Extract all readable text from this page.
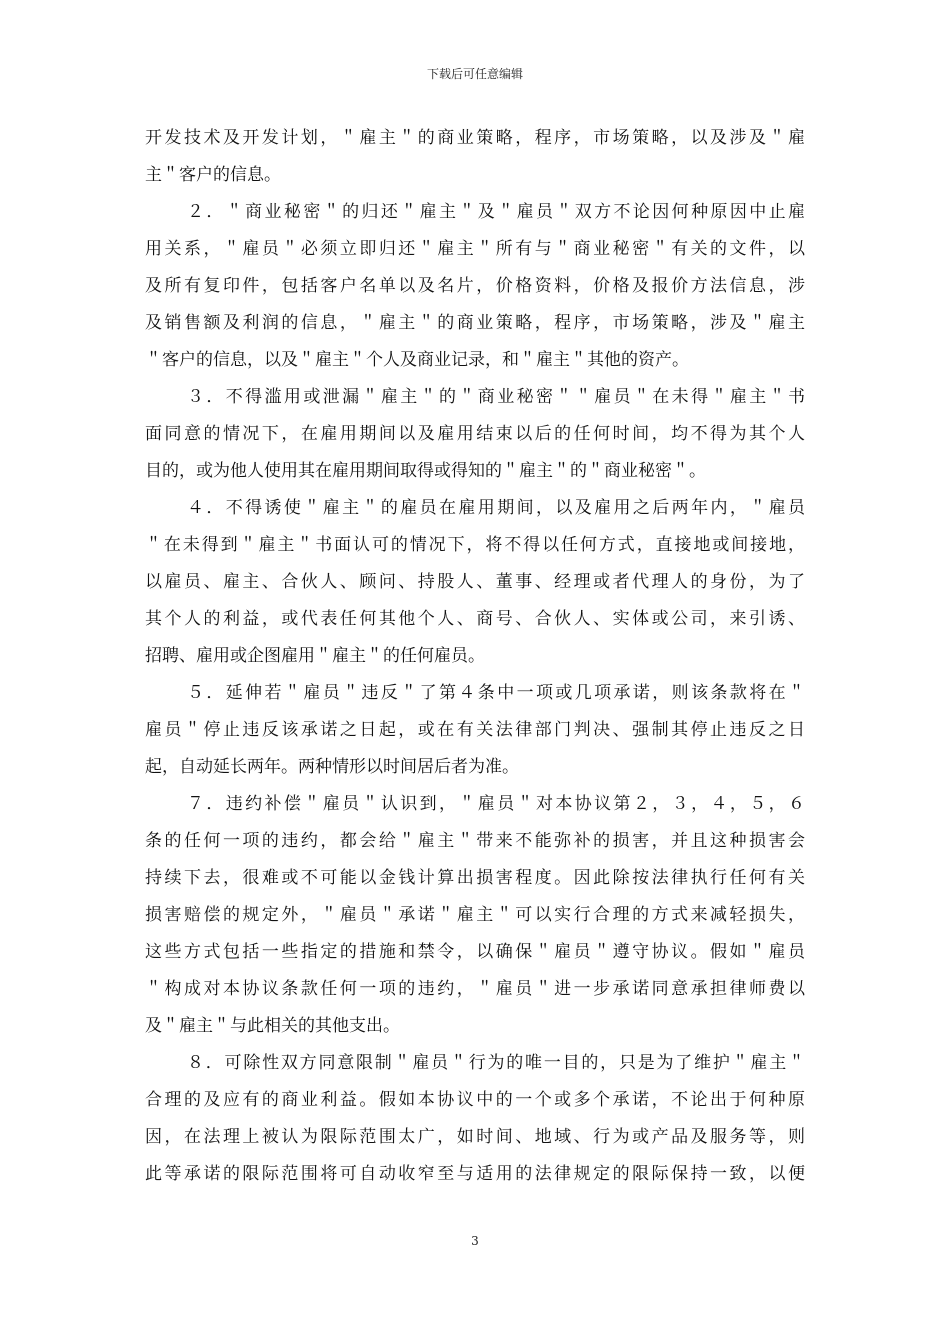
下载后可任意编辑
开发技术及开发计划，＂雇主＂的商业策略，程序，市场策略，以及涉及＂雇
主＂客户的信息。
２．＂商业秘密＂的归还＂雇主＂及＂雇员＂双方不论因何种原因中止雇
用关系，＂雇员＂必须立即归还＂雇主＂所有与＂商业秘密＂有关的文件，以
及所有复印件，包括客户名单以及名片，价格资料，价格及报价方法信息，涉
及销售额及利润的信息，＂雇主＂的商业策略，程序，市场策略，涉及＂雇主
＂客户的信息，以及＂雇主＂个人及商业记录，和＂雇主＂其他的资产。
３．不得滥用或泄漏＂雇主＂的＂商业秘密＂＂雇员＂在未得＂雇主＂书
面同意的情况下，在雇用期间以及雇用结束以后的任何时间，均不得为其个人
目的，或为他人使用其在雇用期间取得或得知的＂雇主＂的＂商业秘密＂。
４．不得诱使＂雇主＂的雇员在雇用期间，以及雇用之后两年内，＂雇员
＂在未得到＂雇主＂书面认可的情况下，将不得以任何方式，直接地或间接地，
以雇员、雇主、合伙人、顾问、持股人、董事、经理或者代理人的身份，为了
其个人的利益，或代表任何其他个人、商号、合伙人、实体或公司，来引诱、
招聘、雇用或企图雇用＂雇主＂的任何雇员。
５．延伸若＂雇员＂违反＂了第４条中一项或几项承诺，则该条款将在＂
雇员＂停止违反该承诺之日起，或在有关法律部门判决、强制其停止违反之日
起，自动延长两年。两种情形以时间居后者为准。
７．违约补偿＂雇员＂认识到，＂雇员＂对本协议第２，３，４，５，６
条的任何一项的违约，都会给＂雇主＂带来不能弥补的损害，并且这种损害会
持续下去，很难或不可能以金钱计算出损害程度。因此除按法律执行任何有关
损害赔偿的规定外，＂雇员＂承诺＂雇主＂可以实行合理的方式来减轻损失，
这些方式包括一些指定的措施和禁令，以确保＂雇员＂遵守协议。假如＂雇员
＂构成对本协议条款任何一项的违约，＂雇员＂进一步承诺同意承担律师费以
及＂雇主＂与此相关的其他支出。
８．可除性双方同意限制＂雇员＂行为的唯一目的，只是为了维护＂雇主＂
合理的及应有的商业利益。假如本协议中的一个或多个承诺，不论出于何种原
因，在法理上被认为限际范围太广，如时间、地域、行为或产品及服务等，则
此等承诺的限际范围将可自动收窄至与适用的法律规定的限际保持一致，以便
3
